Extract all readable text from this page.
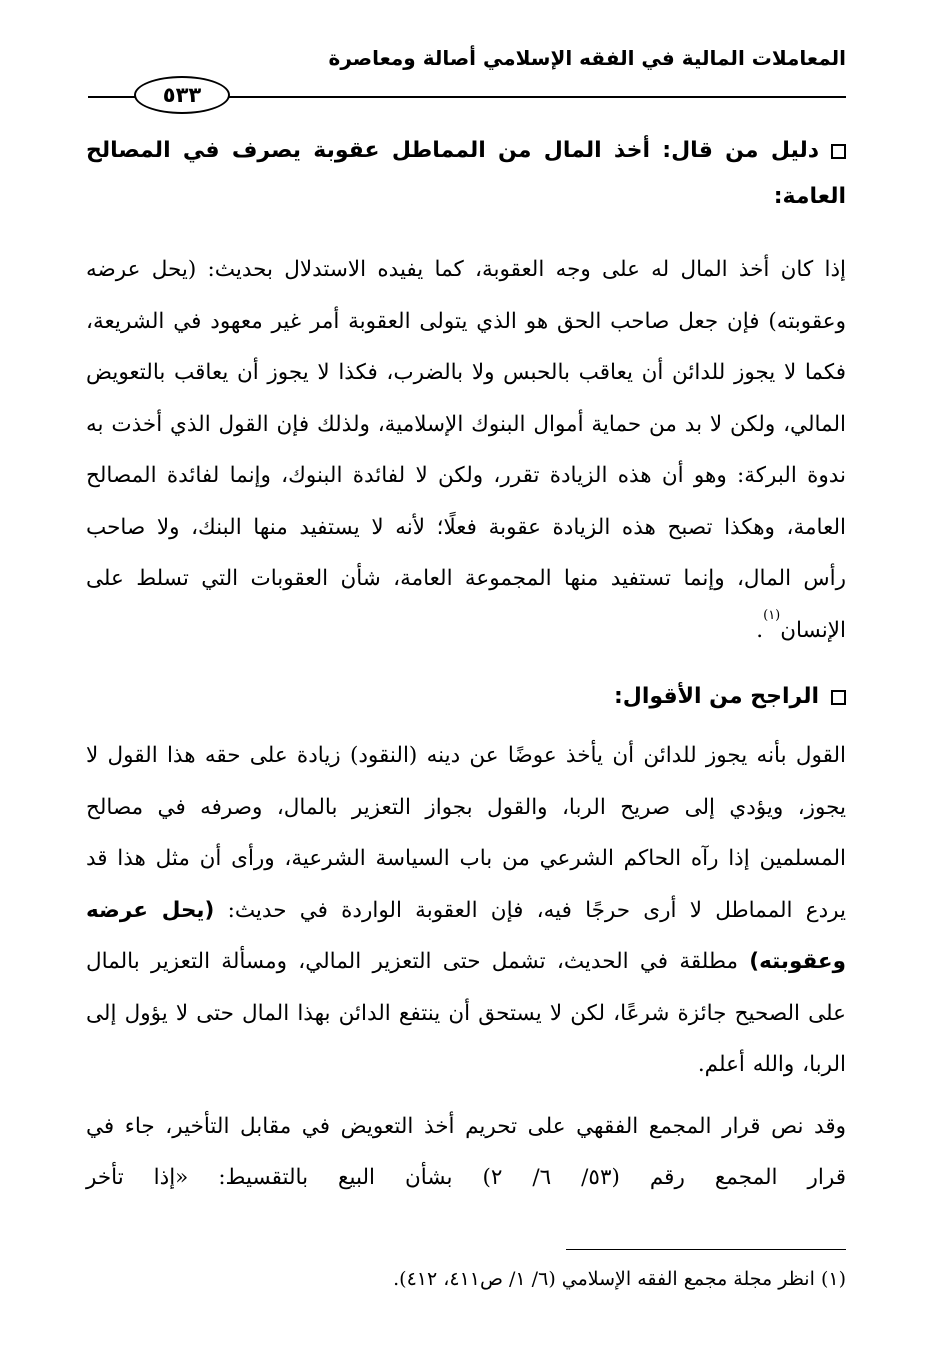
المعاملات المالية في الفقه الإسلامي أصالة ومعاصرة
٥٣٣
دليل من قال: أخذ المال من المماطل عقوبة يصرف في المصالح العامة:

إذا كان أخذ المال له على وجه العقوبة، كما يفيده الاستدلال بحديث: (يحل عرضه وعقوبته) فإن جعل صاحب الحق هو الذي يتولى العقوبة أمر غير معهود في الشريعة، فكما لا يجوز للدائن أن يعاقب بالحبس ولا بالضرب، فكذا لا يجوز أن يعاقب بالتعويض المالي، ولكن لا بد من حماية أموال البنوك الإسلامية، ولذلك فإن القول الذي أخذت به ندوة البركة: وهو أن هذه الزيادة تقرر، ولكن لا لفائدة البنوك، وإنما لفائدة المصالح العامة، وهكذا تصبح هذه الزيادة عقوبة فعلًا؛ لأنه لا يستفيد منها البنك، ولا صاحب رأس المال، وإنما تستفيد منها المجموعة العامة، شأن العقوبات التي تسلط على الإنسان$^{(١)}$.

الراجح من الأقوال:

القول بأنه يجوز للدائن أن يأخذ عوضًا عن دينه (النقود) زيادة على حقه هذا القول لا يجوز، ويؤدي إلى صريح الربا، والقول بجواز التعزير بالمال، وصرفه في مصالح المسلمين إذا رآه الحاكم الشرعي من باب السياسة الشرعية، ورأى أن مثل هذا قد يردع المماطل لا أرى حرجًا فيه، فإن العقوبة الواردة في حديث: (يحل عرضه وعقوبته) مطلقة في الحديث، تشمل حتى التعزير المالي، ومسألة التعزير بالمال على الصحيح جائزة شرعًا، لكن لا يستحق أن ينتفع الدائن بهذا المال حتى لا يؤول إلى الربا، والله أعلم.

وقد نص قرار المجمع الفقهي على تحريم أخذ التعويض في مقابل التأخير، جاء في قرار المجمع رقم (٥٣/ ٦/ ٢) بشأن البيع بالتقسيط: «إذا تأخر

(١) انظر مجلة مجمع الفقه الإسلامي (٦/ ١/ ص٤١١، ٤١٢).
